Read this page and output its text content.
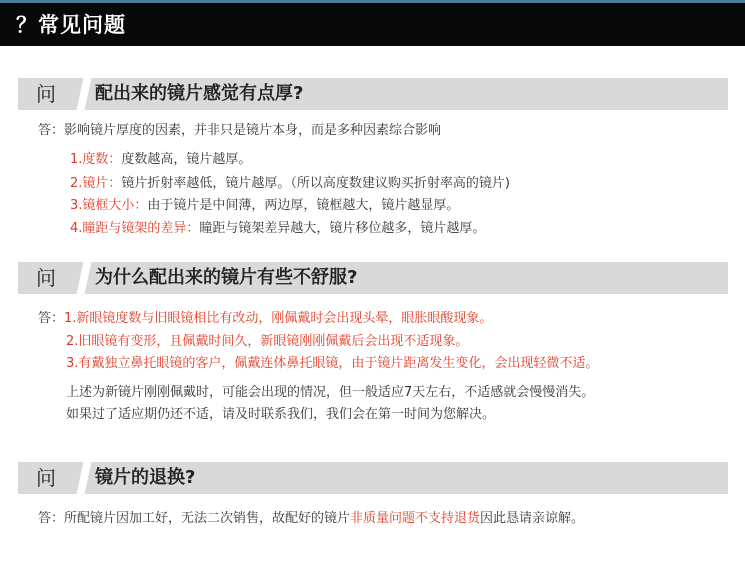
？常见问题
问	配出来的镜片感觉有点厚?
答：影响镜片厚度的因素，并非只是镜片本身，而是多种因素综合影响
1.度数：度数越高，镜片越厚。
2.镜片：镜片折射率越低，镜片越厚。（所以高度数建议购买折射率高的镜片)
3.镜框大小：由于镜片是中间薄，两边厚，镜框越大，镜片越显厚。
4.瞳距与镜架的差异：瞳距与镜架差异越大，镜片移位越多，镜片越厚。
问	为什么配出来的镜片有些不舒服?
答：1.新眼镜度数与旧眼镜相比有改动，刚佩戴时会出现头晕，眼胀眼酸现象。
2.旧眼镜有变形，且佩戴时间久，新眼镜刚刚佩戴后会出现不适现象。
3.有戴独立鼻托眼镜的客户，佩戴连体鼻托眼镜，由于镜片距离发生变化，会出现轻微不适。
上述为新镜片刚刚佩戴时，可能会出现的情况，但一般适应7天左右，不适感就会慢慢消失。
如果过了适应期仍还不适，请及时联系我们，我们会在第一时间为您解决。
问	镜片的退换?
答：所配镜片因加工好，无法二次销售，故配好的镜片非质量问题不支持退货因此恳请亲谅解。
